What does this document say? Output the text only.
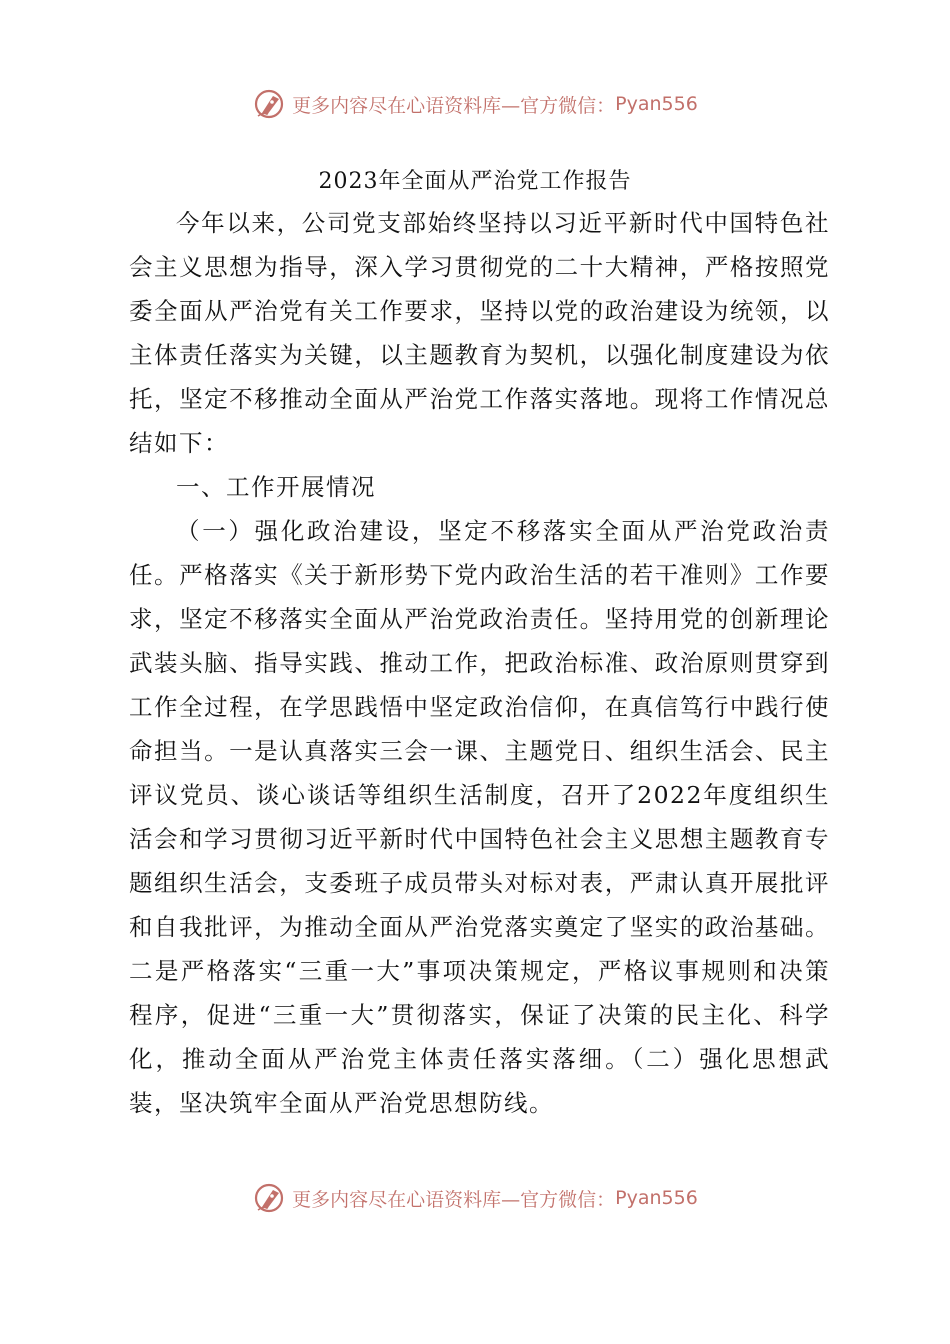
更多内容尽在心语资料库—官方微信： Pyan556
2023年全面从严治党工作报告

今年以来，公司党支部始终坚持以习近平新时代中国特色社会主义思想为指导，深入学习贯彻党的二十大精神，严格按照党委全面从严治党有关工作要求，坚持以党的政治建设为统领，以主体责任落实为关键，以主题教育为契机，以强化制度建设为依托，坚定不移推动全面从严治党工作落实落地。现将工作情况总结如下：

一、工作开展情况

（一）强化政治建设，坚定不移落实全面从严治党政治责任。严格落实《关于新形势下党内政治生活的若干准则》工作要求，坚定不移落实全面从严治党政治责任。坚持用党的创新理论武装头脑、指导实践、推动工作，把政治标准、政治原则贯穿到工作全过程，在学思践悟中坚定政治信仰，在真信笃行中践行使命担当。一是认真落实三会一课、主题党日、组织生活会、民主评议党员、谈心谈话等组织生活制度，召开了2022年度组织生活会和学习贯彻习近平新时代中国特色社会主义思想主题教育专题组织生活会，支委班子成员带头对标对表，严肃认真开展批评和自我批评，为推动全面从严治党落实奠定了坚实的政治基础。二是严格落实“三重一大”事项决策规定，严格议事规则和决策程序，促进“三重一大”贯彻落实，保证了决策的民主化、科学化，推动全面从严治党主体责任落实落细。（二）强化思想武装，坚决筑牢全面从严治党思想防线。

更多内容尽在心语资料库—官方微信： Pyan556
